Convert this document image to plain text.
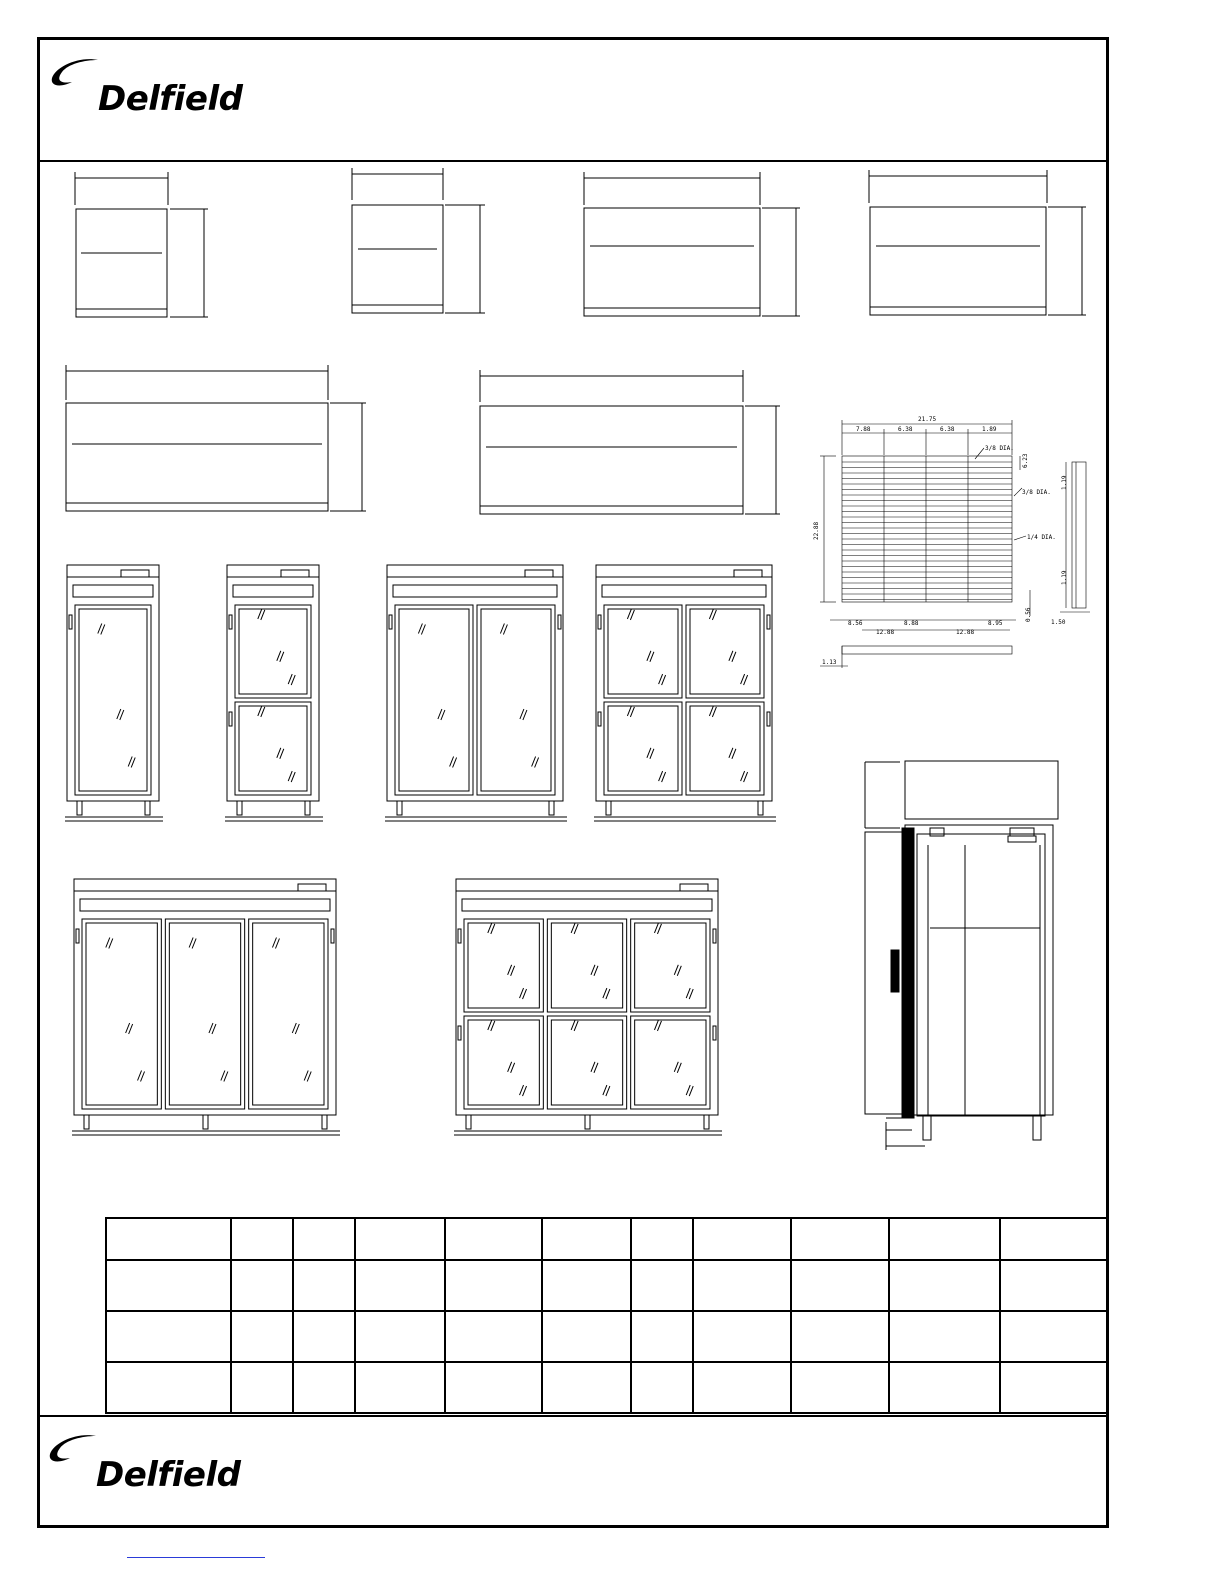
Delfield
Delfield
21.75
7.88	6.38	6.38	1.89
3/8 DIA.
3/8 DIA.
1/4 DIA.
22.88
6.23
1.19
1.19
0.56
1.50
8.56	8.88	8.95
12.88	12.88
1.13
